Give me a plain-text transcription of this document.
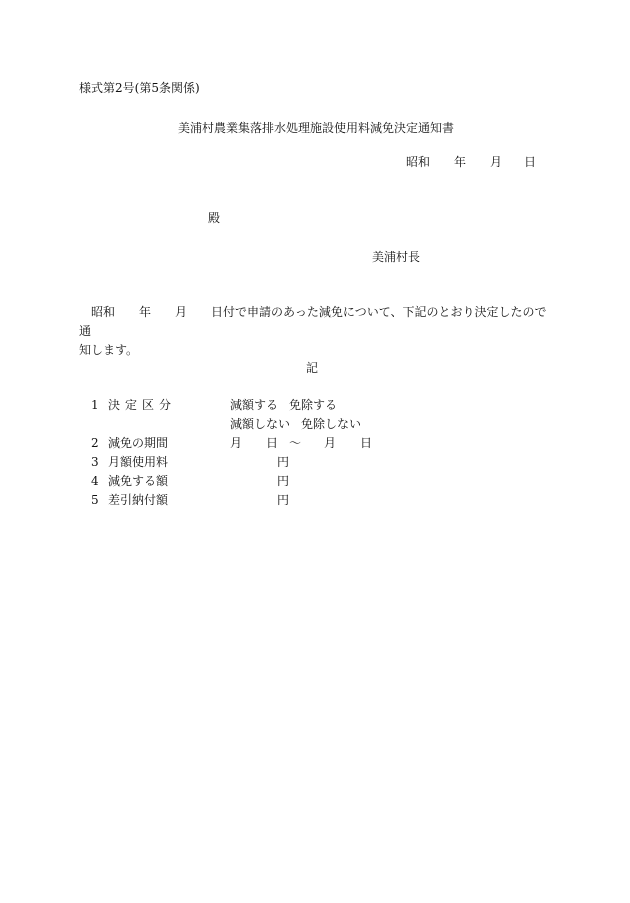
様式第2号(第5条関係)
美浦村農業集落排水処理施設使用料減免決定通知書
昭和 年 月 日
殿
美浦村長
昭和 年 月 日付で申請のあった減免について、下記のとおり決定したので通
知します。
記
1 決定区分	減額する 免除する
減額しない 免除しない
2 減免の期間	月 日 ～ 月 日
3 月額使用料	円
4 減免する額	円
5 差引納付額	円
